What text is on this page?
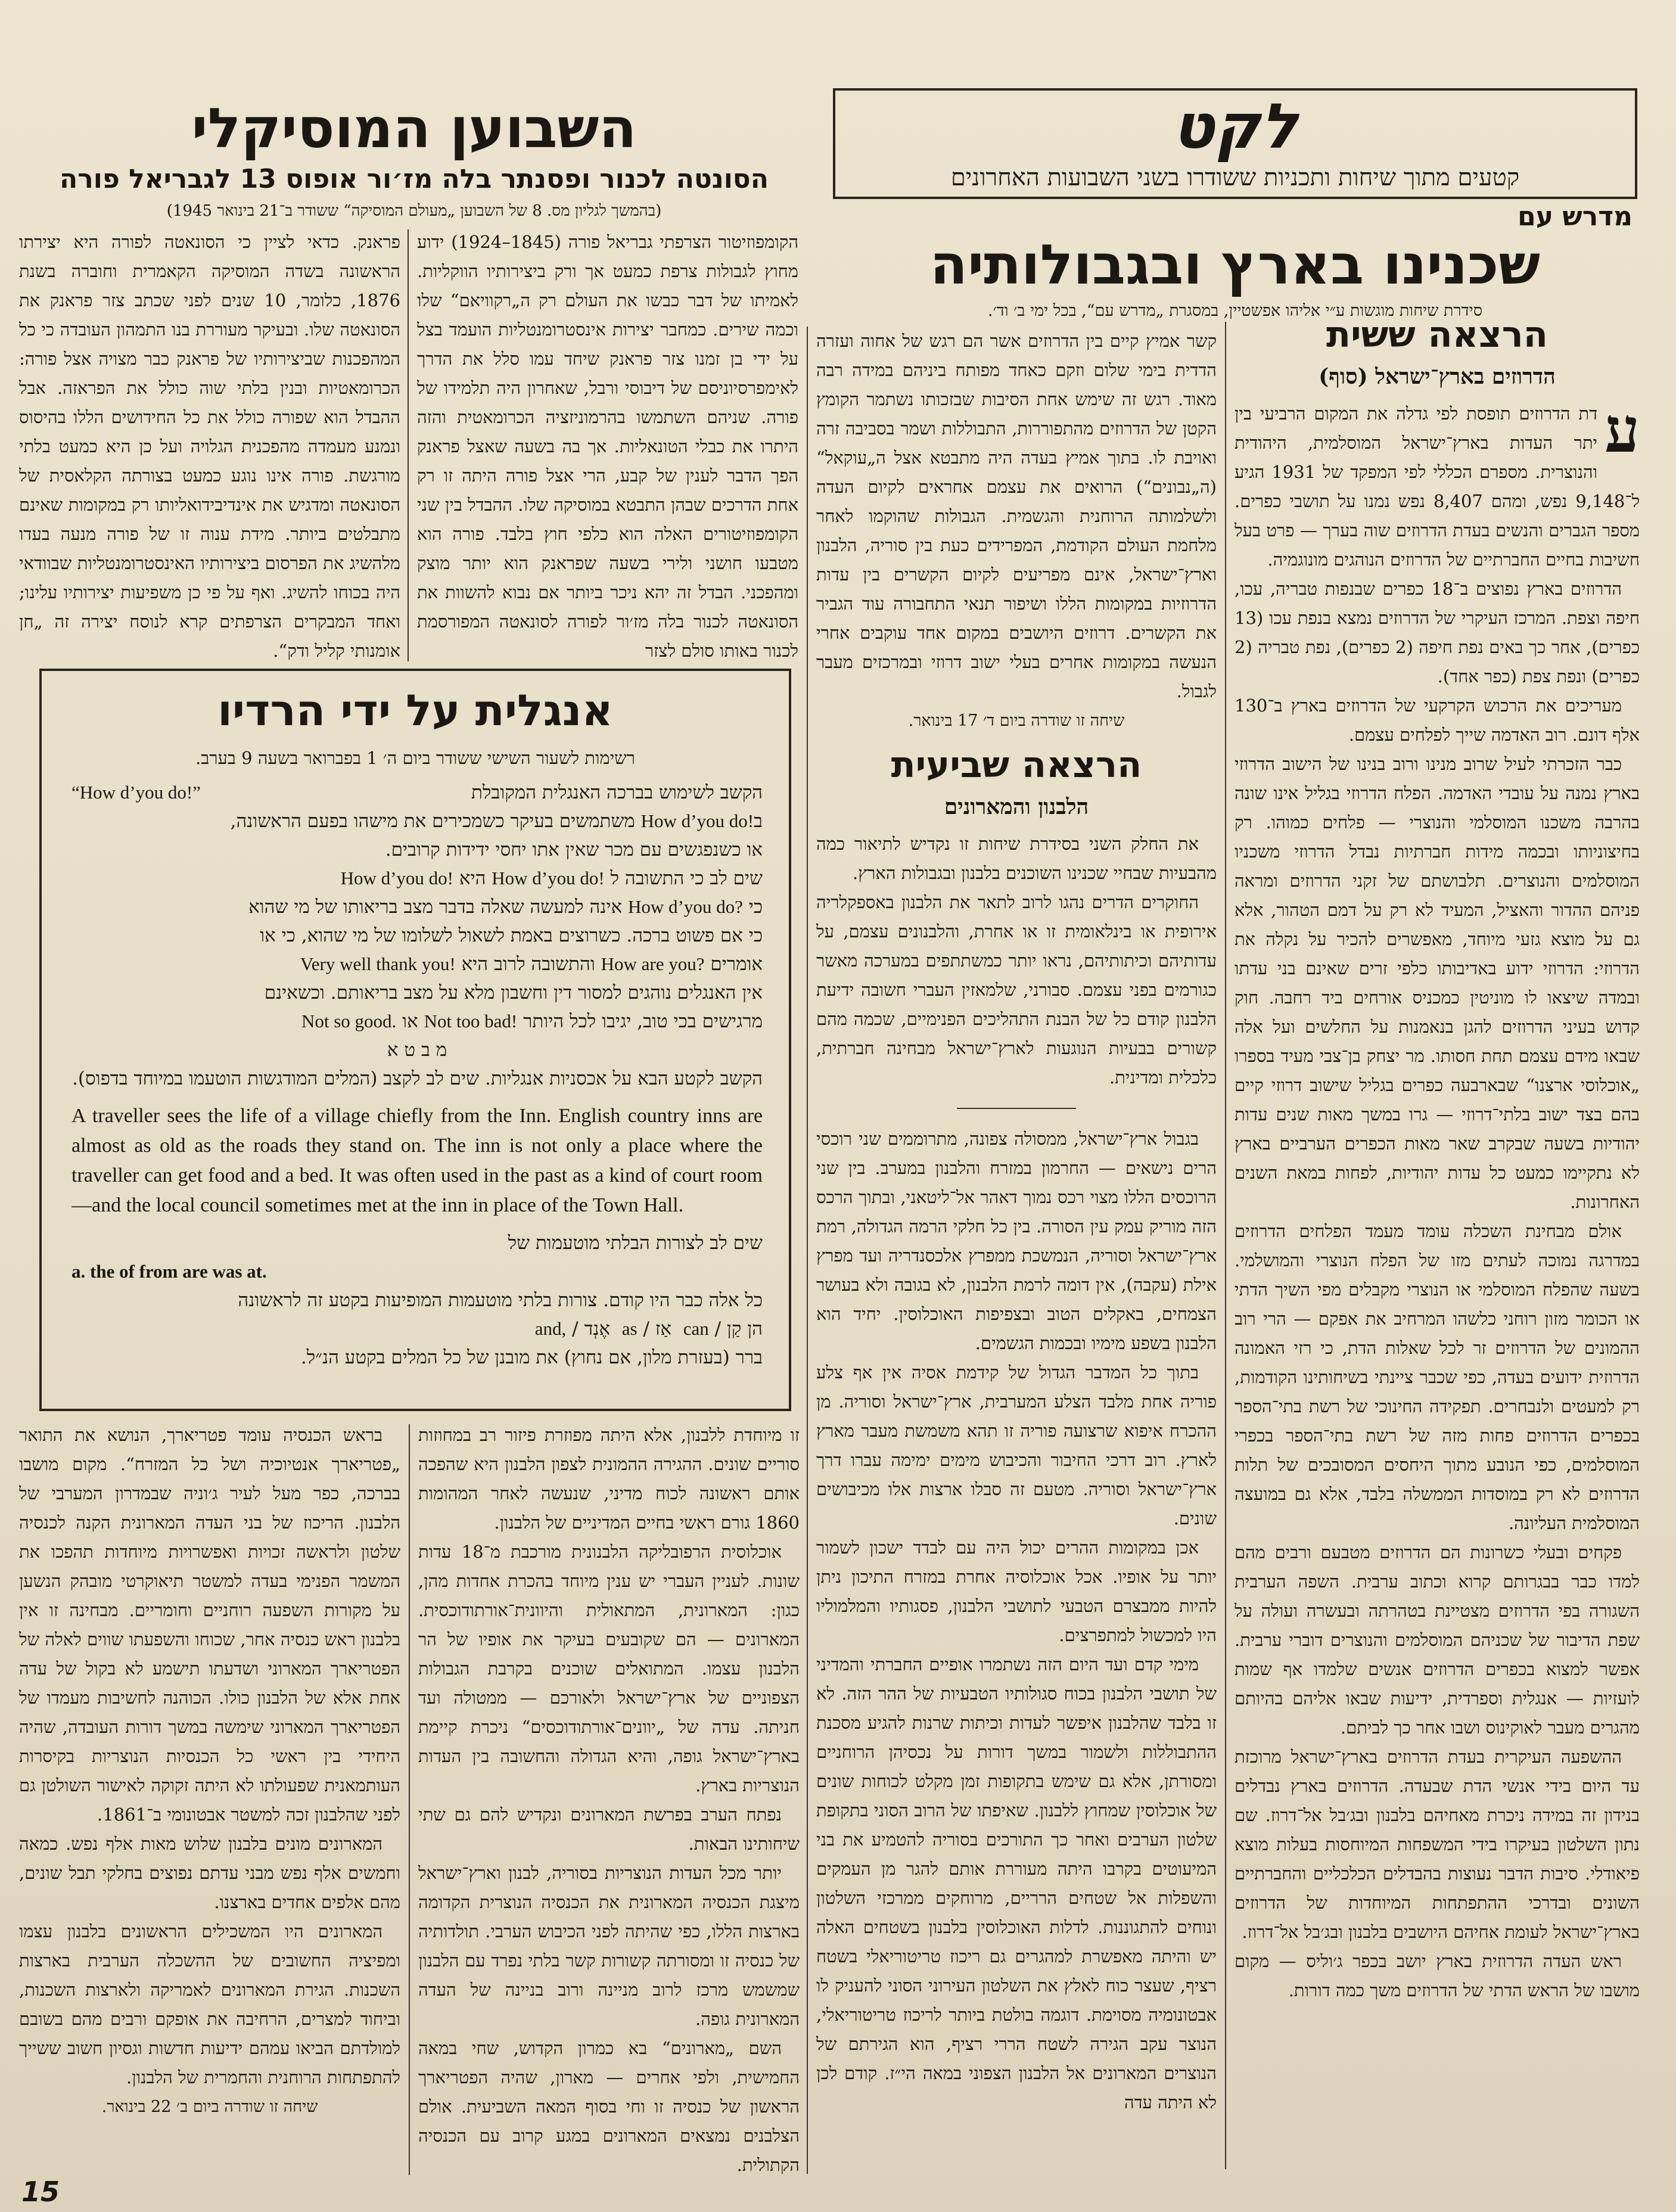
לקט
קטעים מתוך שיחות ותכניות ששודרו בשני השבועות האחרונים
השבוען המוסיקלי
הסונטה לכנור ופסנתר בלה מז׳ור אופוס 13 לגבריאל פורה
(בהמשך לגליון מס. 8 של השבוען „מעולם המוסיקה“ ששודר ב־21 בינואר 1945)

הקומפוזיטור הצרפתי גבריאל פורה (1845–1924) ידוע מחוץ לגבולות צרפת כמעט אך ורק ביצירותיו הווקליות. לאמיתו של דבר כבשו את העולם רק ה„רקוויאם“ שלו וכמה שירים. כמחבר יצירות אינסטרומנטליות הועמד בצל על ידי בן זמנו צזר פראנק שיחד עמו סלל את הדרך לאימפרסיוניסם של דיבוסי ורבל, שאחרון היה תלמידו של פורה. שניהם השתמשו בהרמוניזציה הכרומאטית והזה היתרו את כבלי הטונאליות. אך בה בשעה שאצל פראנק הפך הדבר לענין של קבע, הרי אצל פורה היתה זו רק אחת הדרכים שבהן התבטא במוסיקה שלו. ההבדל בין שני הקומפוזיטורים האלה הוא כלפי חוץ בלבד. פורה הוא מטבעו חושני ולירי בשעה שפראנק הוא יותר מוצק ומהפכני. הבדל זה יהא ניכר ביותר אם נבוא להשוות את הסונאטה לכנור בלה מז׳ור לפורה לסונאטה המפורסמת לכנור באותו סולם לצזר

פראנק. כדאי לציין כי הסונאטה לפורה היא יצירתו הראשונה בשדה המוסיקה הקאמרית וחוברה בשנת 1876, כלומר, 10 שנים לפני שכתב צזר פראנק את הסונאטה שלו. ובעיקר מעוררת בנו התמהון העובדה כי כל המהפכנות שביצירותיו של פראנק כבר מצויה אצל פורה: הכרומאטיות ובנין בלתי שוה כולל את הפראזה. אבל ההבדל הוא שפורה כולל את כל החידושים הללו בהיסוס ונמנע מעמדה מהפכנית הגלויה ועל כן היא כמעט בלתי מורגשת. פורה אינו נוגע כמעט בצורתה הקלאסית של הסונאטה ומדגיש את אינדיבידואליותו רק במקומות שאינם מתבלטים ביותר. מידת ענוה זו של פורה מנעה בעדו מלהשיג את הפרסום ביצירותיו האינסטרומנטליות שבוודאי היה בכוחו להשיג. ואף על פי כן משפיעות יצירותיו עלינו; ואחד המבקרים הצרפתים קרא לנוסח יצירה זה „חן אומנותי קליל ודק“.

אנגלית על ידי הרדיו
רשימות לשעור השישי ששודר ביום ה׳ 1 בפברואר בשעה 9 בערב.
הקשב לשימוש בברכה האנגלית המקובלת
“How d’you do!”
בHow d’you do! משתמשים בעיקר כשמכירים את מישהו בפעם הראשונה,
או כשנפגשים עם מכר שאין אתו יחסי ידידות קרובים.
שים לב כי התשובה ל How d’you do! היא How d’you do!
כי How d’you do? אינה למעשה שאלה בדבר מצב בריאותו של מי שהוא
כי אם פשוט ברכה. כשרוצים באמת לשאול לשלומו של מי שהוא, כי או
אומרים How are you? והתשובה לרוב היא Very well thank you!
אין האנגלים נוהגים למסור דין וחשבון מלא על מצב בריאותם. וכשאינם
מרגישים בכי טוב, יגיבו לכל היותר Not too bad! או Not so good.
מ ב ט א
הקשב לקטע הבא על אכסניות אנגליות. שים לב לקצב (המלים המודגשות הוטעמו במיוחד בדפוס).
A traveller sees the life of a village chiefly from the Inn. English country inns are almost as old as the roads they stand on. The inn is not only a place where the traveller can get food and a bed. It was often used in the past as a kind of court room—and the local council sometimes met at the inn in place of the Town Hall.
שים לב לצורות הבלתי מוטעמות של
a. the of from are was at.
כל אלה כבר היו קודם. צורות בלתי מוטעמות המופיעות בקטע זה לראשונה
הן קַן / can  אַז / as  אֶנְד / and,
ברר (בעזרת מלון, אם נחוץ) את מובנן של כל המלים בקטע הנ״ל.
מדרש עם
שכנינו בארץ ובגבולותיה
סידרת שיחות מוגשות ע״י אליהו אפשטיין, במסגרת „מדרש עם“, בכל ימי ב׳ וד׳.
הרצאה ששית
הדרוזים בארץ־ישראל (סוף)

ע
דת הדרוזים תופסת לפי גדלה את המקום הרביעי בין יתר העדות בארץ־ישראל המוסלמית, היהודית והנוצרית. מספרם הכללי לפי המפקד של 1931 הגיע ל־9,148 נפש, ומהם 8,407 נפש נמנו על תושבי כפרים. מספר הגברים והנשים בעדת הדרוזים שוה בערך — פרט בעל חשיבות בחיים החברתיים של הדרוזים הנוהגים מונוגמיה.

הדרוזים בארץ נפוצים ב־18 כפרים שבנפות טבריה, עכו, חיפה וצפת. המרכז העיקרי של הדרוזים נמצא בנפת עכו (13 כפרים), אחר כך באים נפת חיפה (2 כפרים), נפת טבריה (2 כפרים) ונפת צפת (כפר אחד).

מעריכים את הרכוש הקרקעי של הדרוזים בארץ ב־130 אלף דונם. רוב האדמה שייך לפלחים עצמם.

כבר הזכרתי לעיל שרוב מנינו ורוב בנינו של הישוב הדרוזי בארץ נמנה על עובדי האדמה. הפלח הדרוזי בגליל אינו שונה בהרבה משכנו המוסלמי והנוצרי — פלחים כמוהו. רק בחיצוניותו ובכמה מידות חברתיות נבדל הדרוזי משכניו המוסלמים והנוצרים. תלבושתם של זקני הדרוזים ומראה פניהם ההדור והאציל, המעיד לא רק על דמם הטהור, אלא גם על מוצא גזעי מיוחד, מאפשרים להכיר על נקלה את הדרוזי: הדרוזי ידוע באדיבותו כלפי זרים שאינם בני עדתו ובמדה שיצאו לו מוניטין כמכניס אורחים ביד רחבה. חוק קדוש בעיני הדרוזים להגן בנאמנות על החלשים ועל אלה שבאו מידם עצמם תחת חסותו. מר יצחק בן־צבי מעיד בספרו „אוכלוסי ארצנו“ שבארבעה כפרים בגליל שישוב דרוזי קיים בהם בצד ישוב בלתי־דרוזי — גרו במשך מאות שנים עדות יהודיות בשעה שבקרב שאר מאות הכפרים הערביים בארץ לא נתקיימו כמעט כל עדות יהודיות, לפחות במאת השנים האחרונות.

אולם מבחינת השכלה עומד מעמד הפלחים הדרוזים במדרגה נמוכה לעתים מזו של הפלח הנוצרי והמושלמי. בשעה שהפלח המוסלמי או הנוצרי מקבלים מפי השיך הדתי או הכומר מזון רוחני כלשהו המרחיב את אפקם — הרי רוב ההמונים של הדרוזים זר לכל שאלות הדת, כי רזי האמונה הדרוזית ידועים בעדה, כפי שכבר ציינתי בשיחותינו הקודמות, רק למעטים ולנבחרים. תפקידה החינוכי של רשת בתי־הספר בכפרים הדרוזים פחות מזה של רשת בתי־הספר בכפרי המוסלמים, כפי הנובע מתוך היחסים המסובכים של תלות הדרוזים לא רק במוסדות הממשלה בלבד, אלא גם במועצה המוסלמית העליונה.

פקחים ובעלי כשרונות הם הדרוזים מטבעם ורבים מהם למדו כבר בבגרותם קרוא וכתוב ערבית. השפה הערבית השגורה בפי הדרוזים מצטיינת בטהרתה ובעשרה ועולה על שפת הדיבור של שכניהם המוסלמים והנוצרים דוברי ערבית. אפשר למצוא בכפרים הדרוזים אנשים שלמדו אף שמות לועזיות — אנגלית וספרדית, ידיעות שבאו אליהם בהיותם מהגרים מעבר לאוקינוס ושבו אחר כך לביתם.

ההשפעה העיקרית בעדת הדרוזים בארץ־ישראל מרוכזת עד היום בידי אנשי הדת שבעדה. הדרוזים בארץ נבדלים בנידון זה במידה ניכרת מאחיהם בלבנון ובג׳בל אל־דרוז. שם נתון השלטון בעיקרו בידי המשפחות המיוחסות בעלות מוצא פיאודלי. סיבות הדבר נעוצות בהבדלים הכלכליים והחברתיים השונים ובדרכי ההתפתחות המיוחדות של הדרוזים בארץ־ישראל לעומת אחיהם היושבים בלבנון ובג׳בל אל־דרוז.

ראש העדה הדרוזית בארץ יושב בכפר ג׳וליס — מקום מושבו של הראש הדתי של הדרוזים משך כמה דורות.

קשר אמיץ קיים בין הדרוזים אשר הם רגש של אחוה ועזרה הדדית בימי שלום וזקם כאחד מפותח ביניהם במידה רבה מאוד. רגש זה שימש אחת הסיבות שבזכותו נשתמר הקומץ הקטן של הדרוזים מהתפוררות, התבוללות ושמר בסביבה זרה ואויבת לו. בתוך אמיץ בעדה היה מתבטא אצל ה„עוקאל“ (ה„נבונים“) הרואים את עצמם אחראים לקיום העדה ולשלמותה הרוחנית והגשמית. הגבולות שהוקמו לאחר מלחמת העולם הקודמת, המפרידים כעת בין סוריה, הלבנון וארץ־ישראל, אינם מפריעים לקיום הקשרים בין עדות הדרוזיות במקומות הללו ושיפור תנאי התחבורה עוד הגביר את הקשרים. דרוזים היושבים במקום אחד עוקבים אחרי הנעשה במקומות אחרים בעלי ישוב דרוזי ובמרכזים מעבר לגבול.

שיחה זו שודרה ביום ד׳ 17 בינואר.
הרצאה שביעית
הלבנון והמארונים

את החלק השני בסידרת שיחות זו נקדיש לתיאור כמה מהבעיות שבחיי שכנינו השוכנים בלבנון ובגבולות הארץ.

החוקרים הדרים נהגו לרוב לתאר את הלבנון באספקלריה אירופית או בינלאומית זו או אחרת, והלבנונים עצמם, על עדותיהם וכיתותיהם, נראו יותר כמשתתפים במערכה מאשר כגורמים בפני עצמם. סבורני, שלמאזין העברי חשובה ידיעת הלבנון קודם כל של הבנת התהליכים הפנימיים, שכמה מהם קשורים בבעיות הנוגעות לארץ־ישראל מבחינה חברתית, כלכלית ומדינית.

בגבול ארץ־ישראל, ממסולה צפונה, מתרוממים שני רוכסי הרים נישאים — החרמון במזרח והלבנון במערב. בין שני הרוכסים הללו מצוי רכס נמוך דאהר אל־ליטאני, ובתוך הרכס הזה מוריק עמק עין הסורה. בין כל חלקי הרמה הגדולה, רמת ארץ־ישראל וסוריה, הנמשכת ממפרץ אלכסנדריה ועד מפרץ אילת (עקבה), אין דומה לרמת הלבנון, לא בגובה ולא בעושר הצמחים, באקלים הטוב ובצפיפות האוכלוסין. יחיד הוא הלבנון בשפע מימיו ובכמות הגשמים.

בתוך כל המדבר הגדול של קידמת אסיה אין אף צלע פוריה אחת מלבד הצלע המערבית, ארץ־ישראל וסוריה. מן ההכרח איפוא שרצועה פוריה זו תהא משמשת מעבר מארץ לארץ. רוב דרכי החיבור והכיבוש מימים ימימה עברו דרך ארץ־ישראל וסוריה. מטעם זה סבלו ארצות אלו מכיבושים שונים.

אכן במקומות ההרים יכול היה עם לבדד ישכון לשמור יותר על אופיו. אכל אוכלוסיה אחרת במזרח התיכון ניתן להיות ממבצרם הטבעי לתושבי הלבנון, פסגותיו והמלמוליו היו למכשול למתפרצים.

מימי קדם ועד היום הזה נשתמרו אופיים החברתי והמדיני של תושבי הלבנון בכוח סגולותיו הטבעיות של ההר הזה. לא זו בלבד שהלבנון איפשר לעדות וכיתות שרנות להגיע מסכנת ההתבוללות ולשמור במשך דורות על נכסיהן הרוחניים ומסורתן, אלא גם שימש בתקופות זמן מקלט לכוחות שונים של אוכלוסין שמחוץ ללבנון. שאיפתו של הרוב הסוני בתקופת שלטון הערבים ואחר כך התורכים בסוריה להטמיע את בני המיעוטים בקרבו היתה מעוררת אותם להגר מן העמקים והשפלות אל שטחים הרריים, מרוחקים ממרכזי השלטון ונוחים להתגוננות. לדלות האוכלוסין בלבנון בשטחים האלה יש והיתה מאפשרת למהגרים גם ריכוז טריטוריאלי בשטח רציף, שעצר כוח לאלץ את השלטון העירוני הסוני להעניק לו אבטונומיה מסוימת. דוגמה בולטת ביותר לריכוז טריטוריאלי, הנוצר עקב הגירה לשטח הררי רציף, הוא הגירתם של הנוצרים המארונים אל הלבנון הצפוני במאה הי״ז. קודם לכן לא היתה עדה

זו מיוחדת ללבנון, אלא היתה מפוזרת פיזור רב במחוזות סוריים שונים. ההגירה ההמונית לצפון הלבנון היא שהפכה אותם ראשונה לכוח מדיני, שנעשה לאחר המהומות 1860 גורם ראשי בחיים המדיניים של הלבנון.

אוכלוסית הרפובליקה הלבנונית מורכבת מ־18 עדות שונות. לעניין העברי יש ענין מיוחד בהכרת אחדות מהן, כגון: המארונית, המתאולית והיוונית־אורתודוכסית. המארונים — הם שקובעים בעיקר את אופיו של הר הלבנון עצמו. המתואלים שוכנים בקרבת הגבולות הצפוניים של ארץ־ישראל ולאורכם — ממטולה ועד חניתה. עדה של „יוונים־אורתודוכסים“ ניכרת קיימת בארץ־ישראל גופה, והיא הגדולה והחשובה בין העדות הנוצריות בארץ.

נפתח הערב בפרשת המארונים ונקדיש להם גם שתי שיחותינו הבאות.

יותר מכל העדות הנוצריות בסוריה, לבנון וארץ־ישראל מיצגת הכנסיה המארונית את הכנסיה הנוצרית הקדומה בארצות הללו, כפי שהיתה לפני הכיבוש הערבי. תולדותיה של כנסיה זו ומסורתה קשורות קשר בלתי נפרד עם הלבנון שמשמש מרכז לרוב מניינה ורוב בניינה של העדה המארונית גופה.

השם „מארונים“ בא כמרון הקדוש, שחי במאה החמישית, ולפי אחרים — מארון, שהיה הפטריארך הראשון של כנסיה זו וחי בסוף המאה השביעית. אולם הצלבנים נמצאים המארונים במגע קרוב עם הכנסיה הקתולית.

בראש הכנסיה עומד פטריארך, הנושא את התואר „פטריארך אנטיוכיה ושל כל המזרח“. מקום מושבו בברכה, כפר מעל לעיר ג׳וניה שבמדרון המערבי של הלבנון. הריכוז של בני העדה המארונית הקנה לכנסיה שלטון ולראשה זכויות ואפשרויות מיוחדות תהפכו את המשמר הפנימי בעדה למשטר תיאוקרטי מובהק הנשען על מקורות השפעה רוחניים וחומריים. מבחינה זו אין בלבנון ראש כנסיה אחר, שכוחו והשפעתו שווים לאלה של הפטריארך המארוני ושדעתו תישמע לא בקול של עדה אחת אלא של הלבנון כולו. הכוהנה לחשיבות מעמדו של הפטריארך המארוני שימשה במשך דורות העובדה, שהיה היחידי בין ראשי כל הכנסיות הנוצריות בקיסרות העותמאנית שפעולתו לא היתה זקוקה לאישור השולטן גם לפני שהלבנון זכה למשטר אבטונומי ב־1861.

המארונים מונים בלבנון שלוש מאות אלף נפש. כמאה וחמשים אלף נפש מבני עדתם נפוצים בחלקי תבל שונים, מהם אלפים אחדים בארצנו.

המארונים היו המשכילים הראשונים בלבנון עצמו ומפיציה החשובים של ההשכלה הערבית בארצות השכנות. הגירת המארונים לאמריקה ולארצות השכנות, וביחוד למצרים, הרחיבה את אופקם ורבים מהם בשובם למולדתם הביאו עמהם ידיעות חדשות וגסיון חשוב ששייך להתפתחות הרוחנית והחמרית של הלבנון.

שיחה זו שודרה ביום ב׳ 22 בינואר.
15
